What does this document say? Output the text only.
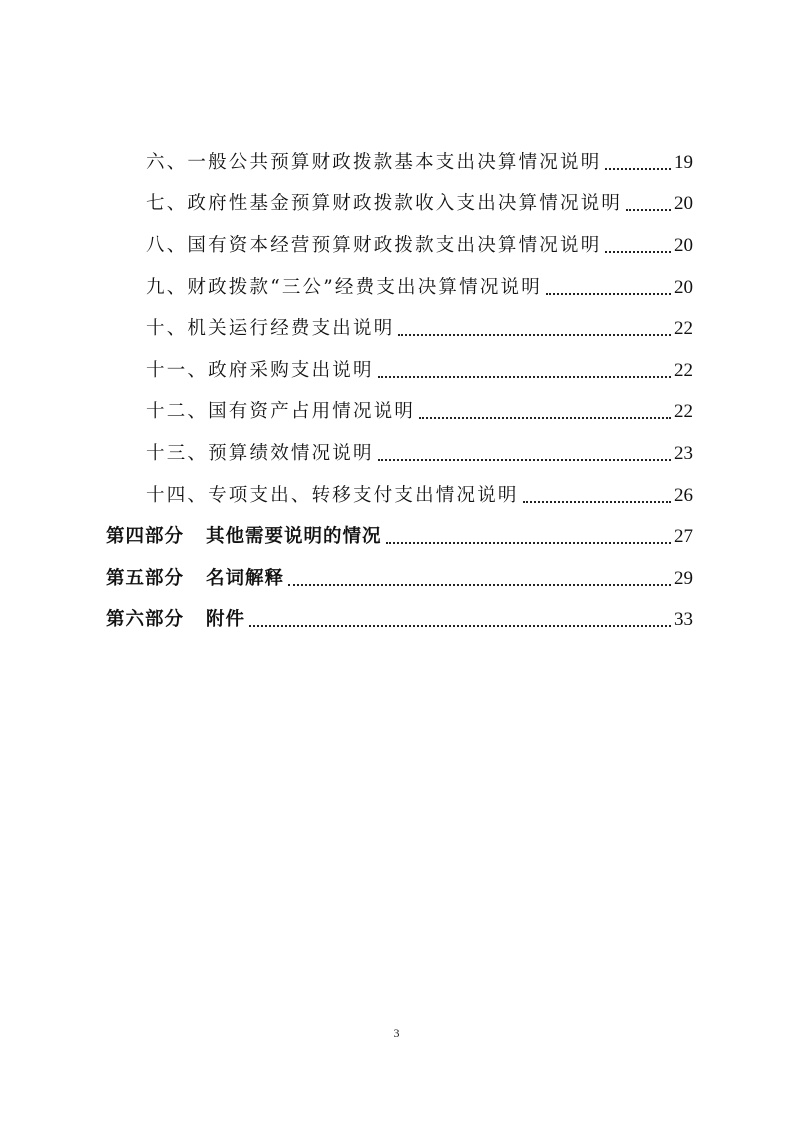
六、一般公共预算财政拨款基本支出决算情况说明	19
七、政府性基金预算财政拨款收入支出决算情况说明	20
八、国有资本经营预算财政拨款支出决算情况说明	20
九、财政拨款“三公”经费支出决算情况说明	20
十、机关运行经费支出说明	22
十一、政府采购支出说明	22
十二、国有资产占用情况说明	22
十三、预算绩效情况说明	23
十四、专项支出、转移支付支出情况说明	26
第四部分 其他需要说明的情况	27
第五部分 名词解释	29
第六部分 附件	33
3
